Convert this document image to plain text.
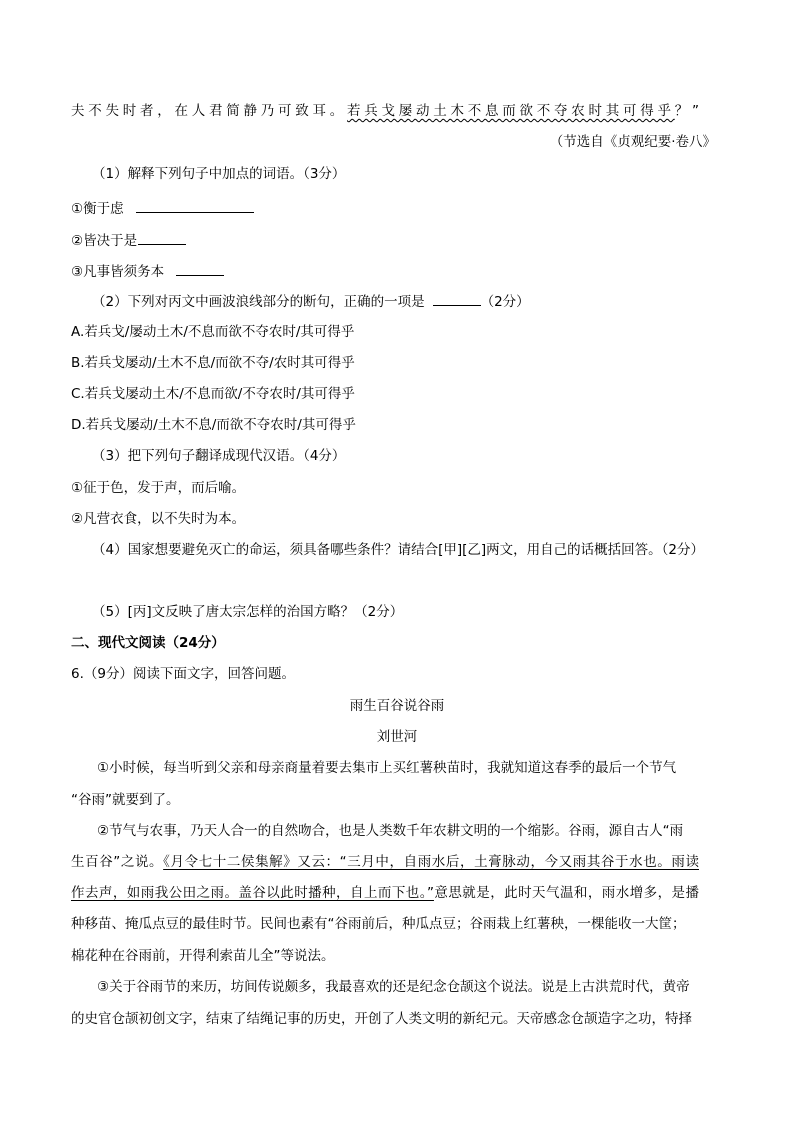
夫不失时者，在人君简静乃可致耳。若兵戈屡动土木不息而欲不夺农时其可得乎？”
（节选自《贞观纪要·卷八》
（1）解释下列句子中加点的词语。（3分）
①衡于虑
②皆决于是
③凡事皆须务本
（2）下列对丙文中画波浪线部分的断句，正确的一项是	（2分）
A.若兵戈/屡动土木/不息而欲不夺农时/其可得乎
B.若兵戈屡动/土木不息/而欲不夺/农时其可得乎
C.若兵戈屡动土木/不息而欲/不夺农时/其可得乎
D.若兵戈屡动/土木不息/而欲不夺农时/其可得乎
（3）把下列句子翻译成现代汉语。（4分）
①征于色，发于声，而后喻。
②凡营衣食，以不失时为本。
（4）国家想要避免灭亡的命运，须具备哪些条件？请结合[甲][乙]两文，用自己的话概括回答。（2分）
（5）[丙]文反映了唐太宗怎样的治国方略？（2分）
二、现代文阅读（24分）
6.（9分）阅读下面文字，回答问题。
雨生百谷说谷雨
刘世河
①小时候，每当听到父亲和母亲商量着要去集市上买红薯秧苗时，我就知道这春季的最后一个节气
“谷雨”就要到了。
②节气与农事，乃天人合一的自然吻合，也是人类数千年农耕文明的一个缩影。谷雨，源自古人“雨
生百谷”之说。《月令七十二侯集解》又云：“三月中，自雨水后，土膏脉动，今又雨其谷于水也。雨读
作去声，如雨我公田之雨。盖谷以此时播种，自上而下也。”意思就是，此时天气温和，雨水增多，是播
种移苗、掩瓜点豆的最佳时节。民间也素有“谷雨前后，种瓜点豆；谷雨栽上红薯秧，一棵能收一大筐；
棉花种在谷雨前，开得利索苗儿全”等说法。
③关于谷雨节的来历，坊间传说颇多，我最喜欢的还是纪念仓颉这个说法。说是上古洪荒时代，黄帝
的史官仓颉初创文字，结束了结绳记事的历史，开创了人类文明的新纪元。天帝感念仓颉造字之功，特择
